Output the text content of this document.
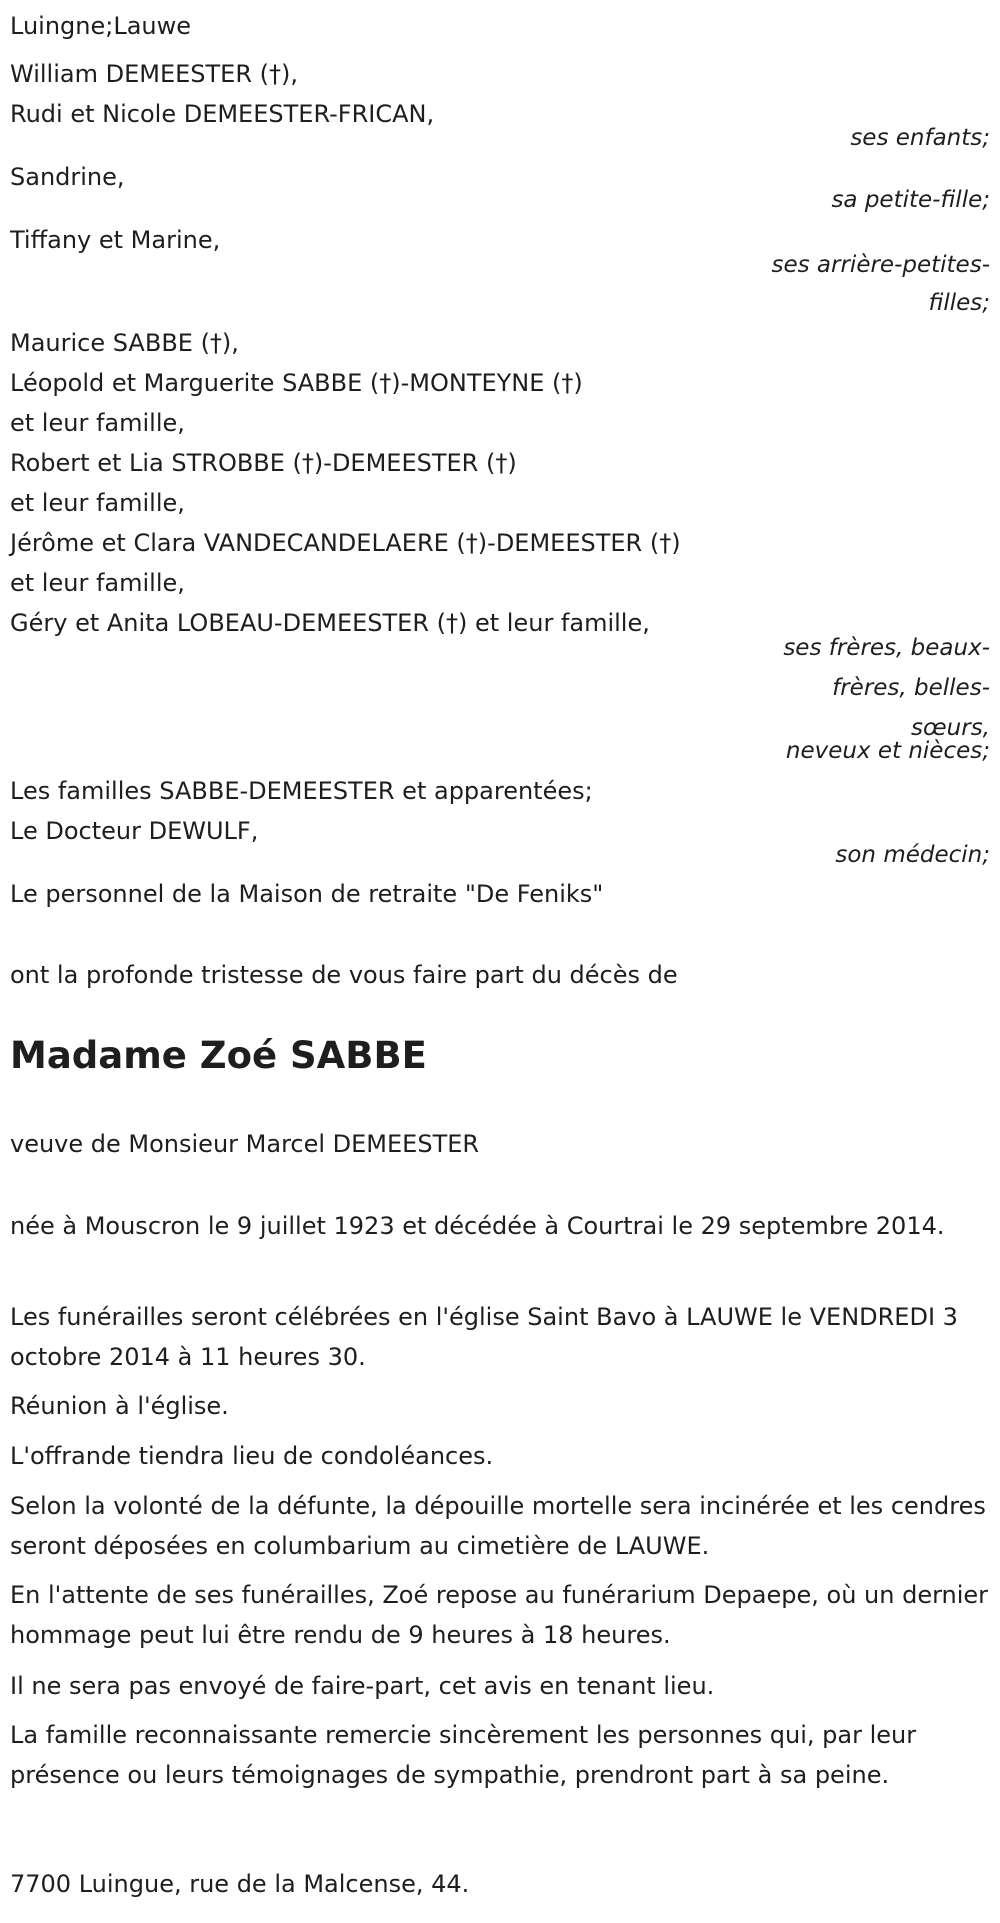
Luingne;Lauwe
William DEMEESTER (†),
Rudi et Nicole DEMEESTER-FRICAN,
ses enfants;
Sandrine,
sa petite-fille;
Tiffany et Marine,
ses arrière-petites-
filles;
Maurice SABBE (†),
Léopold et Marguerite SABBE (†)-MONTEYNE (†)
et leur famille,
Robert et Lia STROBBE (†)-DEMEESTER (†)
et leur famille,
Jérôme et Clara VANDECANDELAERE (†)-DEMEESTER (†)
et leur famille,
Géry et Anita LOBEAU-DEMEESTER (†) et leur famille,
ses frères, beaux-
frères, belles-
sœurs,
neveux et nièces;
Les familles SABBE-DEMEESTER et apparentées;
Le Docteur DEWULF,
son médecin;
Le personnel de la Maison de retraite "De Feniks"
ont la profonde tristesse de vous faire part du décès de
Madame Zoé SABBE
veuve de Monsieur Marcel DEMEESTER
née à Mouscron le 9 juillet 1923 et décédée à Courtrai le 29 septembre 2014.
Les funérailles seront célébrées en l'église Saint Bavo à LAUWE le VENDREDI 3 octobre 2014 à 11 heures 30.
Réunion à l'église.
L'offrande tiendra lieu de condoléances.
Selon la volonté de la défunte, la dépouille mortelle sera incinérée et les cendres seront déposées en columbarium au cimetière de LAUWE.
En l'attente de ses funérailles, Zoé repose au funérarium Depaepe, où un dernier hommage peut lui être rendu de 9 heures à 18 heures.
Il ne sera pas envoyé de faire-part, cet avis en tenant lieu.
La famille reconnaissante remercie sincèrement les personnes qui, par leur présence ou leurs témoignages de sympathie, prendront part à sa peine.
7700 Luingue, rue de la Malcense, 44.
